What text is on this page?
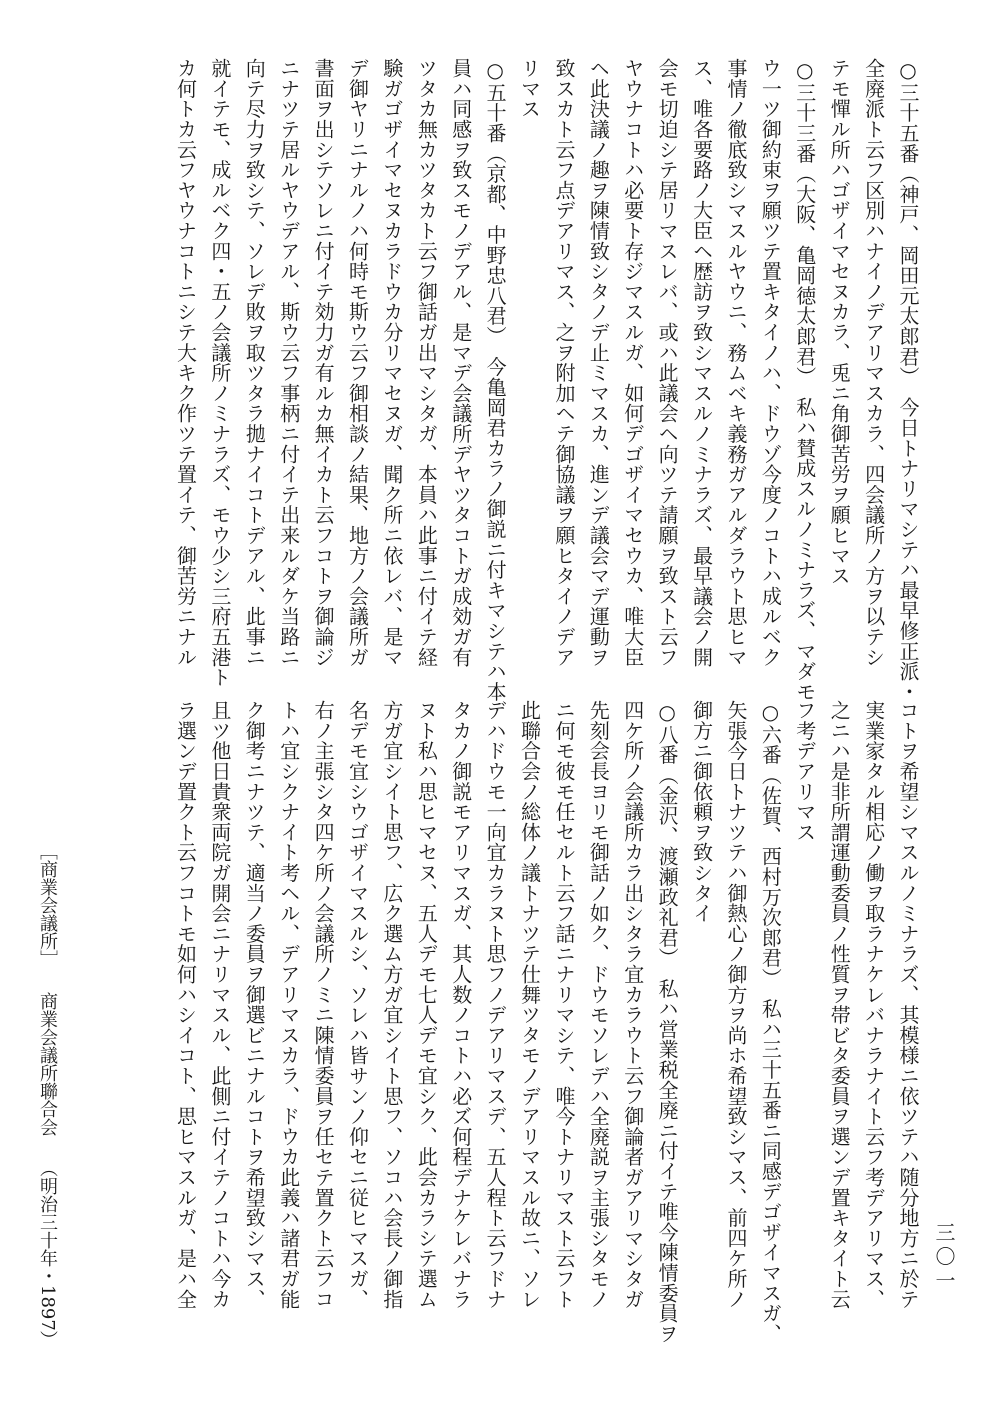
○三十五番（神戸、岡田元太郎君）　今日トナリマシテハ最早修正派・
全廃派ト云フ区別ハナイノデアリマスカラ、四会議所ノ方ヲ以テシ
テモ憚ル所ハゴザイマセヌカラ、兎ニ角御苦労ヲ願ヒマス
○三十三番（大阪、亀岡徳太郎君）　私ハ賛成スルノミナラズ、マダモ
ウ一ツ御約束ヲ願ツテ置キタイノハ、ドウゾ今度ノコトハ成ルベク
事情ノ徹底致シマスルヤウニ、務ムベキ義務ガアルダラウト思ヒマ
ス、唯各要路ノ大臣ヘ歴訪ヲ致シマスルノミナラズ、最早議会ノ開
会モ切迫シテ居リマスレバ、或ハ此議会ヘ向ツテ請願ヲ致スト云フ
ヤウナコトハ必要ト存ジマスルガ、如何デゴザイマセウカ、唯大臣
ヘ此決議ノ趣ヲ陳情致シタノデ止ミマスカ、進ンデ議会マデ運動ヲ
致スカト云フ点デアリマス、之ヲ附加ヘテ御協議ヲ願ヒタイノデア
リマス
○五十番（京都、中野忠八君）　今亀岡君カラノ御説ニ付キマシテハ本
員ハ同感ヲ致スモノデアル、是マデ会議所デヤツタコトガ成効ガ有
ツタカ無カツタカト云フ御話ガ出マシタガ、本員ハ此事ニ付イテ経
験ガゴザイマセヌカラドウカ分リマセヌガ、聞ク所ニ依レバ、是マ
デ御ヤリニナルノハ何時モ斯ウ云フ御相談ノ結果、地方ノ会議所ガ
書面ヲ出シテソレニ付イテ効力ガ有ルカ無イカト云フコトヲ御論ジ
ニナツテ居ルヤウデアル、斯ウ云フ事柄ニ付イテ出来ルダケ当路ニ
向テ尽力ヲ致シテ、ソレデ敗ヲ取ツタラ拋ナイコトデアル、此事ニ
就イテモ、成ルベク四・五ノ会議所ノミナラズ、モウ少シ三府五港ト
カ何トカ云フヤウナコトニシテ大キク作ツテ置イテ、御苦労ニナル
コトヲ希望シマスルノミナラズ、其模様ニ依ツテハ随分地方ニ於テ
実業家タル相応ノ働ヲ取ラナケレバナラナイト云フ考デアリマス、
之ニハ是非所謂運動委員ノ性質ヲ帯ビタ委員ヲ選ンデ置キタイト云
フ考デアリマス
○六番（佐賀、西村万次郎君）　私ハ三十五番ニ同感デゴザイマスガ、
矢張今日トナツテハ御熱心ノ御方ヲ尚ホ希望致シマス、前四ケ所ノ
御方ニ御依頼ヲ致シタイ
○八番（金沢、渡瀬政礼君）　私ハ営業税全廃ニ付イテ唯今陳情委員ヲ
四ケ所ノ会議所カラ出シタラ宜カラウト云フ御論者ガアリマシタガ
先刻会長ヨリモ御話ノ如ク、ドウモソレデハ全廃説ヲ主張シタモノ
ニ何モ彼モ任セルト云フ話ニナリマシテ、唯今トナリマスト云フト
此聯合会ノ総体ノ議トナツテ仕舞ツタモノデアリマスル故ニ、ソレ
デハドウモ一向宜カラヌト思フノデアリマスデ、五人程ト云フドナ
タカノ御説モアリマスガ、其人数ノコトハ必ズ何程デナケレバナラ
ヌト私ハ思ヒマセヌ、五人デモ七人デモ宜シク、此会カラシテ選ム
方ガ宜シイト思フ、広ク選ム方ガ宜シイト思フ、ソコハ会長ノ御指
名デモ宜シウゴザイマスルシ、ソレハ皆サンノ仰セニ従ヒマスガ、
右ノ主張シタ四ケ所ノ会議所ノミニ陳情委員ヲ任セテ置クト云フコ
トハ宜シクナイト考ヘル、デアリマスカラ、ドウカ此義ハ諸君ガ能
ク御考ニナツテ、適当ノ委員ヲ御選ビニナルコトヲ希望致シマス、
且ツ他日貴衆両院ガ開会ニナリマスル、此側ニ付イテノコトハ今カ
ラ選ンデ置クト云フコトモ如何ハシイコト、思ヒマスルガ、是ハ全
［商業会議所］ 商業会議所聯合会 （明治三十年・1897）	三〇一
